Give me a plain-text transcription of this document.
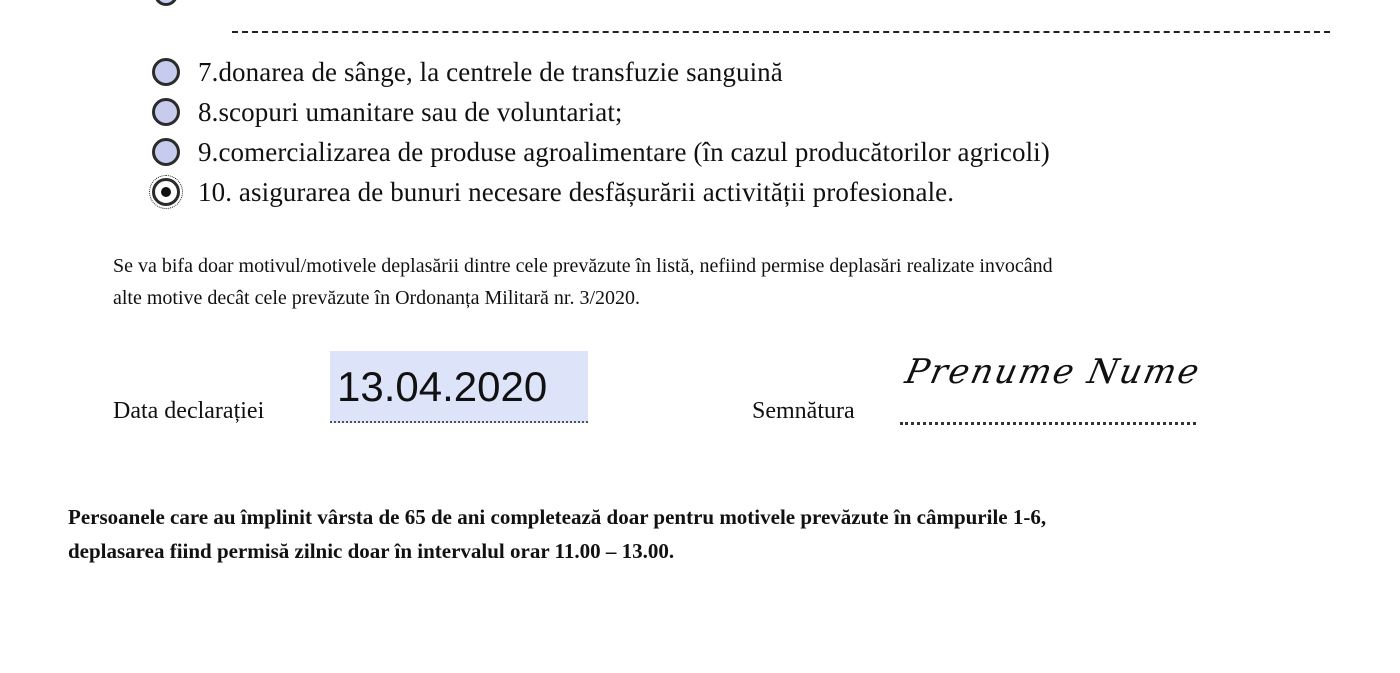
7.donarea de sânge, la centrele de transfuzie sanguină
8.scopuri umanitare sau de voluntariat;
9.comercializarea de produse agroalimentare (în cazul producătorilor agricoli)
10. asigurarea de bunuri necesare desfășurării activității profesionale.
Se va bifa doar motivul/motivele deplasării dintre cele prevăzute în listă, nefiind permise deplasări realizate invocând
alte motive decât cele prevăzute în Ordonanța Militară nr. 3/2020.
Data declarației
13.04.2020
Semnătura
Prenume Nume
Persoanele care au împlinit vârsta de 65 de ani completează doar pentru motivele prevăzute în câmpurile 1-6,
deplasarea fiind permisă zilnic doar în intervalul orar 11.00 – 13.00.
